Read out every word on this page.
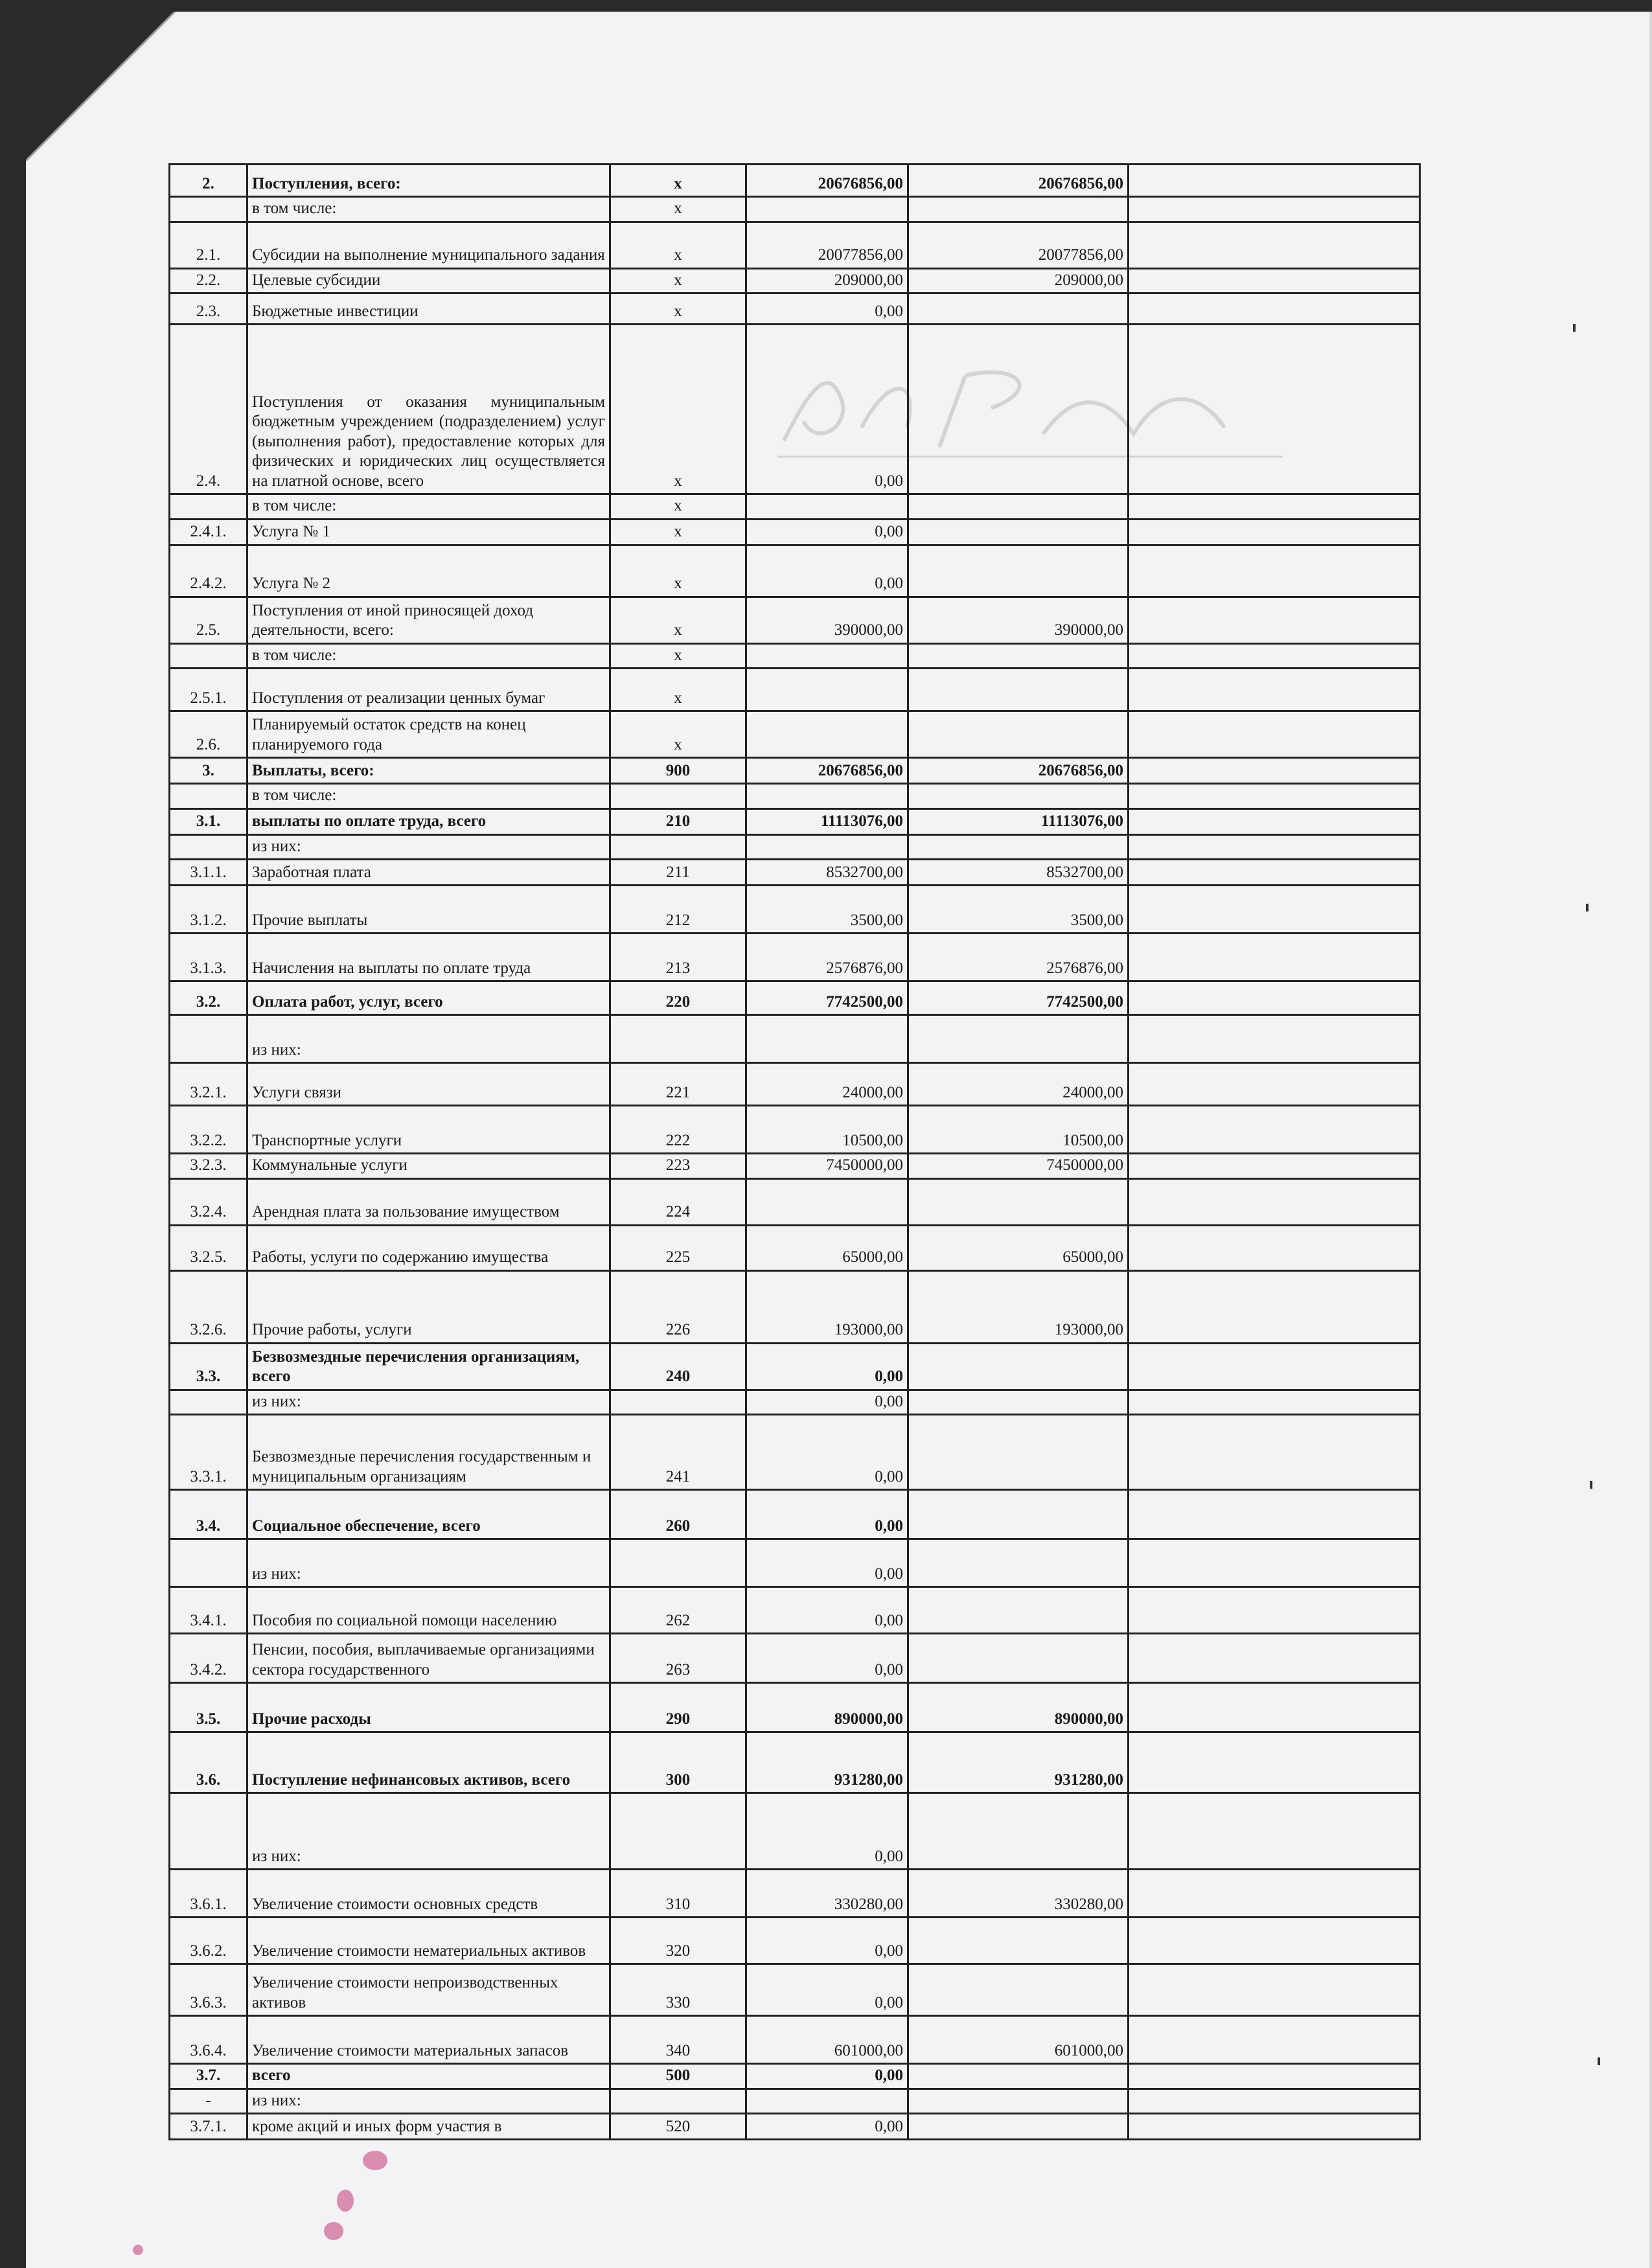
2.	Поступления, всего:	x	20676856,00	20676856,00	
	в том числе:	x			
2.1.	Субсидии на выполнение муниципального задания	x	20077856,00	20077856,00	
2.2.	Целевые субсидии	x	209000,00	209000,00	
2.3.	Бюджетные инвестиции	x	0,00		
2.4.	Поступления от оказания муниципальным бюджетным учреждением (подразделением) услуг (выполнения работ), предоставление которых для физических и юридических лиц осуществляется на платной основе, всего	x	0,00		
	в том числе:	x			
2.4.1.	Услуга № 1	x	0,00		
2.4.2.	Услуга № 2	x	0,00		
2.5.	Поступления от иной приносящей доход деятельности, всего:	x	390000,00	390000,00	
	в том числе:	x			
2.5.1.	Поступления от реализации ценных бумаг	x			
2.6.	Планируемый остаток средств на конец планируемого года	x			
3.	Выплаты, всего:	900	20676856,00	20676856,00	
	в том числе:				
3.1.	выплаты по оплате труда, всего	210	11113076,00	11113076,00	
	из них:				
3.1.1.	Заработная плата	211	8532700,00	8532700,00	
3.1.2.	Прочие выплаты	212	3500,00	3500,00	
3.1.3.	Начисления на выплаты по оплате труда	213	2576876,00	2576876,00	
3.2.	Оплата работ, услуг, всего	220	7742500,00	7742500,00	
	из них:				
3.2.1.	Услуги связи	221	24000,00	24000,00	
3.2.2.	Транспортные услуги	222	10500,00	10500,00	
3.2.3.	Коммунальные услуги	223	7450000,00	7450000,00	
3.2.4.	Арендная плата за пользование имуществом	224			
3.2.5.	Работы, услуги по содержанию имущества	225	65000,00	65000,00	
3.2.6.	Прочие работы, услуги	226	193000,00	193000,00	
3.3.	Безвозмездные перечисления организациям, всего	240	0,00		
	из них:		0,00		
3.3.1.	Безвозмездные перечисления государственным и муниципальным организациям	241	0,00		
3.4.	Социальное обеспечение, всего	260	0,00		
	из них:		0,00		
3.4.1.	Пособия по социальной помощи населению	262	0,00		
3.4.2.	Пенсии, пособия, выплачиваемые организациями сектора государственного	263	0,00		
3.5.	Прочие расходы	290	890000,00	890000,00	
3.6.	Поступление нефинансовых активов, всего	300	931280,00	931280,00	
	из них:		0,00		
3.6.1.	Увеличение стоимости основных средств	310	330280,00	330280,00	
3.6.2.	Увеличение стоимости нематериальных активов	320	0,00		
3.6.3.	Увеличение стоимости непроизводственных активов	330	0,00		
3.6.4.	Увеличение стоимости материальных запасов	340	601000,00	601000,00	
3.7.	всего	500	0,00		
-	из них:				
3.7.1.	кроме акций и иных форм участия в	520	0,00		
